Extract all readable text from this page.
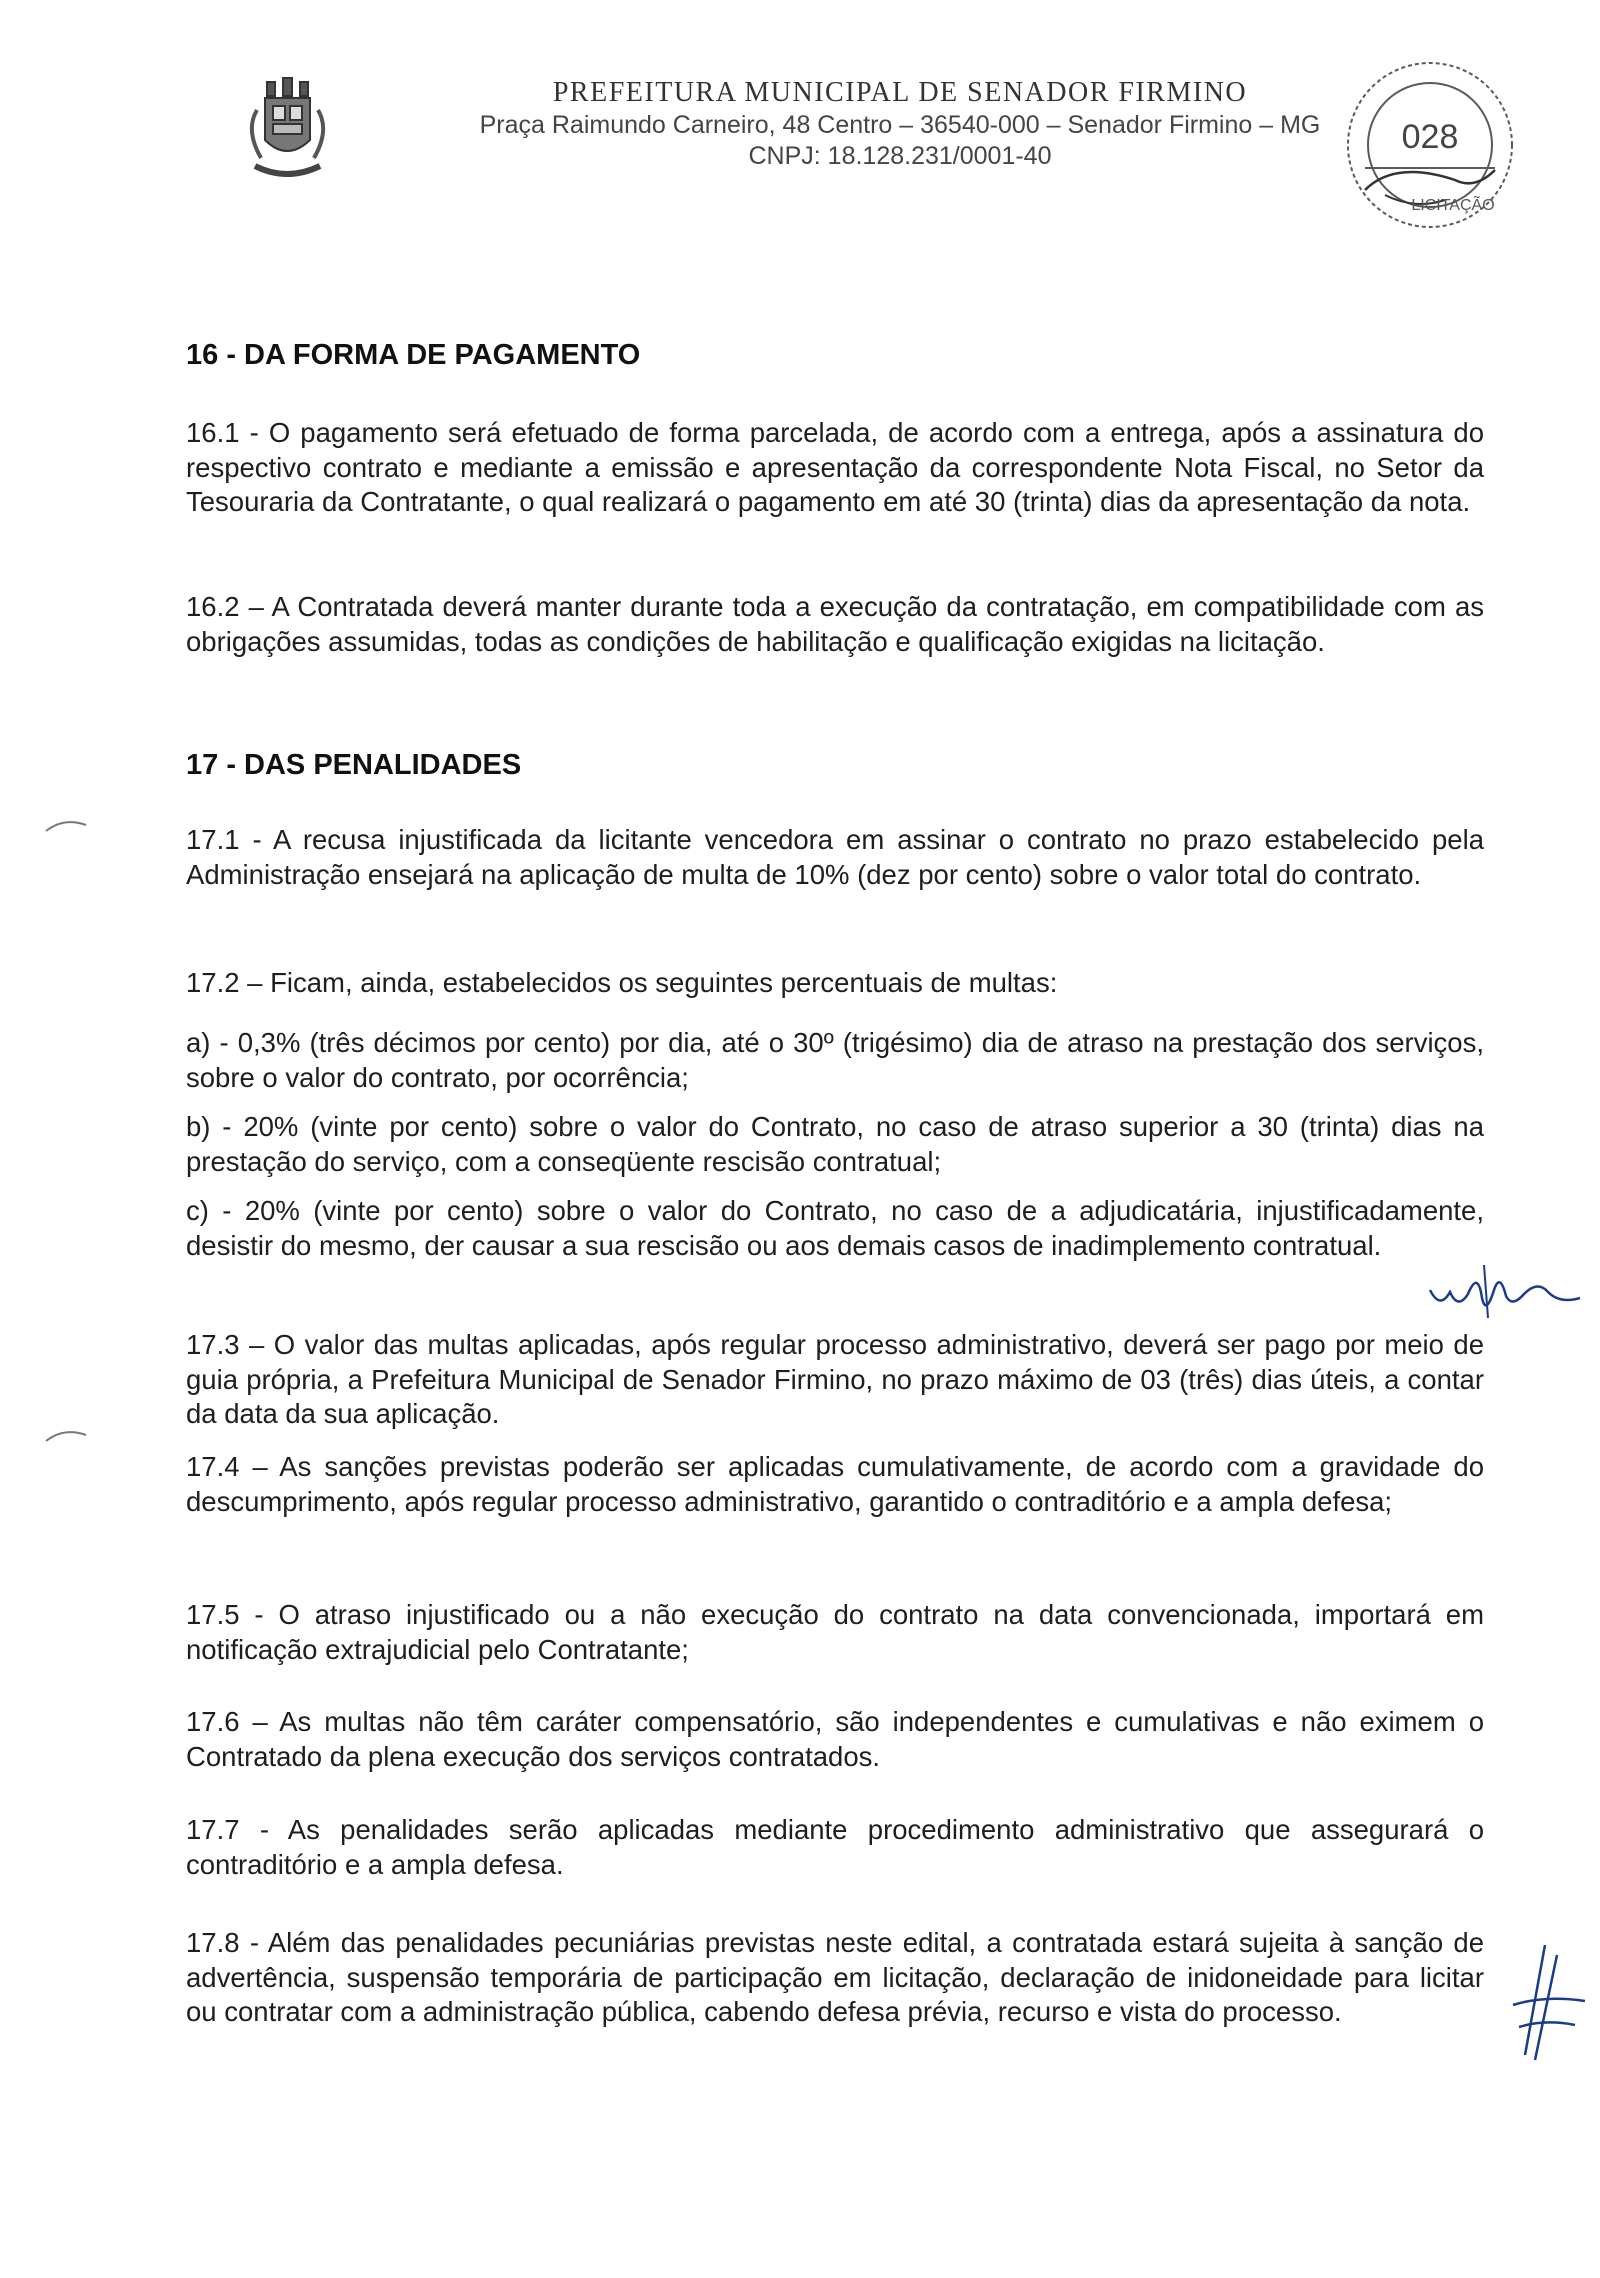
PREFEITURA MUNICIPAL DE SENADOR FIRMINO
Praça Raimundo Carneiro, 48 Centro – 36540-000 – Senador Firmino – MG
CNPJ: 18.128.231/0001-40	028
LICITAÇÃO
16 - DA FORMA DE PAGAMENTO

16.1 - O pagamento será efetuado de forma parcelada, de acordo com a entrega, após a assinatura do respectivo contrato e mediante a emissão e apresentação da correspondente Nota Fiscal, no Setor da Tesouraria da Contratante, o qual realizará o pagamento em até 30 (trinta) dias da apresentação da nota.

16.2 – A Contratada deverá manter durante toda a execução da contratação, em compatibilidade com as obrigações assumidas, todas as condições de habilitação e qualificação exigidas na licitação.

17 - DAS PENALIDADES

17.1 - A recusa injustificada da licitante vencedora em assinar o contrato no prazo estabelecido pela Administração ensejará na aplicação de multa de 10% (dez por cento) sobre o valor total do contrato.

17.2 – Ficam, ainda, estabelecidos os seguintes percentuais de multas:

a) - 0,3% (três décimos por cento) por dia, até o 30º (trigésimo) dia de atraso na prestação dos serviços, sobre o valor do contrato, por ocorrência;

b) - 20% (vinte por cento) sobre o valor do Contrato, no caso de atraso superior a 30 (trinta) dias na prestação do serviço, com a conseqüente rescisão contratual;

c) - 20% (vinte por cento) sobre o valor do Contrato, no caso de a adjudicatária, injustificadamente, desistir do mesmo, der causar a sua rescisão ou aos demais casos de inadimplemento contratual.

17.3 – O valor das multas aplicadas, após regular processo administrativo, deverá ser pago por meio de guia própria, a Prefeitura Municipal de Senador Firmino, no prazo máximo de 03 (três) dias úteis, a contar da data da sua aplicação.

17.4 – As sanções previstas poderão ser aplicadas cumulativamente, de acordo com a gravidade do descumprimento, após regular processo administrativo, garantido o contraditório e a ampla defesa;

17.5 - O atraso injustificado ou a não execução do contrato na data convencionada, importará em notificação extrajudicial pelo Contratante;

17.6 – As multas não têm caráter compensatório, são independentes e cumulativas e não eximem o Contratado da plena execução dos serviços contratados.

17.7 - As penalidades serão aplicadas mediante procedimento administrativo que assegurará o contraditório e a ampla defesa.

17.8 - Além das penalidades pecuniárias previstas neste edital, a contratada estará sujeita à sanção de advertência, suspensão temporária de participação em licitação, declaração de inidoneidade para licitar ou contratar com a administração pública, cabendo defesa prévia, recurso e vista do processo.
